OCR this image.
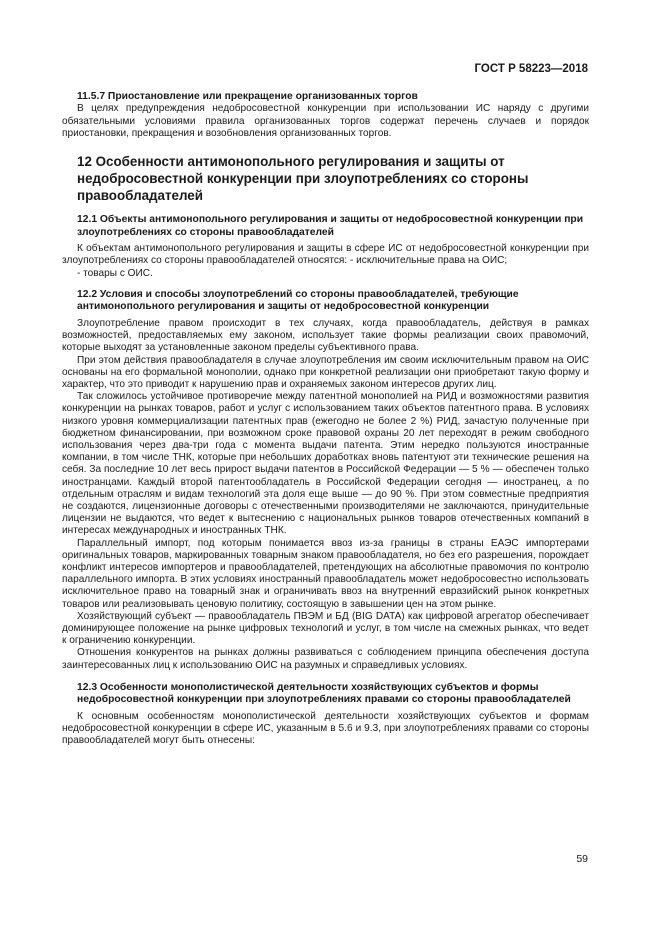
ГОСТ Р 58223—2018
11.5.7 Приостановление или прекращение организованных торгов

В целях предупреждения недобросовестной конкуренции при использовании ИС наряду с другими обязательными условиями правила организованных торгов содержат перечень случаев и порядок приостановки, прекращения и возобновления организованных торгов.

12 Особенности антимонопольного регулирования и защиты от недобросовестной конкуренции при злоупотреблениях со стороны правообладателей
12.1 Объекты антимонопольного регулирования и защиты от недобросовестной конкуренции при злоупотреблениях со стороны правообладателей

К объектам антимонопольного регулирования и защиты в сфере ИС от недобросовестной конкуренции при злоупотреблениях со стороны правообладателей относятся: - исключительные права на ОИС;

- товары с ОИС.

12.2 Условия и способы злоупотреблений со стороны правообладателей, требующие антимонопольного регулирования и защиты от недобросовестной конкуренции

Злоупотребление правом происходит в тех случаях, когда правообладатель, действуя в рамках возможностей, предоставляемых ему законом, использует такие формы реализации своих правомочий, которые выходят за установленные законом пределы субъективного права.

При этом действия правообладателя в случае злоупотребления им своим исключительным правом на ОИС основаны на его формальной монополии, однако при конкретной реализации они приобретают такую форму и характер, что это приводит к нарушению прав и охраняемых законом интересов других лиц.

Так сложилось устойчивое противоречие между патентной монополией на РИД и возможностями развития конкуренции на рынках товаров, работ и услуг с использованием таких объектов патентного права. В условиях низкого уровня коммерциализации патентных прав (ежегодно не более 2 %) РИД, зачастую полученные при бюджетном финансировании, при возможном сроке правовой охраны 20 лет переходят в режим свободного использования через два-три года с момента выдачи патента. Этим нередко пользуются иностранные компании, в том числе ТНК, которые при небольших доработках вновь патентуют эти технические решения на себя. За последние 10 лет весь прирост выдачи патентов в Российской Федерации — 5 % — обеспечен только иностранцами. Каждый второй патентообладатель в Российской Федерации сегодня — иностранец, а по отдельным отраслям и видам технологий эта доля еще выше — до 90 %. При этом совместные предприятия не создаются, лицензионные договоры с отечественными производителями не заключаются, принудительные лицензии не выдаются, что ведет к вытеснению с национальных рынков товаров отечественных компаний в интересах международных и иностранных ТНК.

Параллельный импорт, под которым понимается ввоз из-за границы в страны ЕАЭС импортерами оригинальных товаров, маркированных товарным знаком правообладателя, но без его разрешения, порождает конфликт интересов импортеров и правообладателей, претендующих на абсолютные правомочия по контролю параллельного импорта. В этих условиях иностранный правообладатель может недобросовестно использовать исключительное право на товарный знак и ограничивать ввоз на внутренний евразийский рынок конкретных товаров или реализовывать ценовую политику, состоящую в завышении цен на этом рынке.

Хозяйствующий субъект — правообладатель ПВЭМ и БД (BIG DATA) как цифровой агрегатор обеспечивает доминирующее положение на рынке цифровых технологий и услуг, в том числе на смежных рынках, что ведет к ограничению конкуренции.

Отношения конкурентов на рынках должны развиваться с соблюдением принципа обеспечения доступа заинтересованных лиц к использованию ОИС на разумных и справедливых условиях.

12.3 Особенности монополистической деятельности хозяйствующих субъектов и формы недобросовестной конкуренции при злоупотреблениях правами со стороны правообладателей

К основным особенностям монополистической деятельности хозяйствующих субъектов и формам недобросовестной конкуренции в сфере ИС, указанным в 5.6 и 9.3, при злоупотреблениях правами со стороны правообладателей могут быть отнесены:

59
